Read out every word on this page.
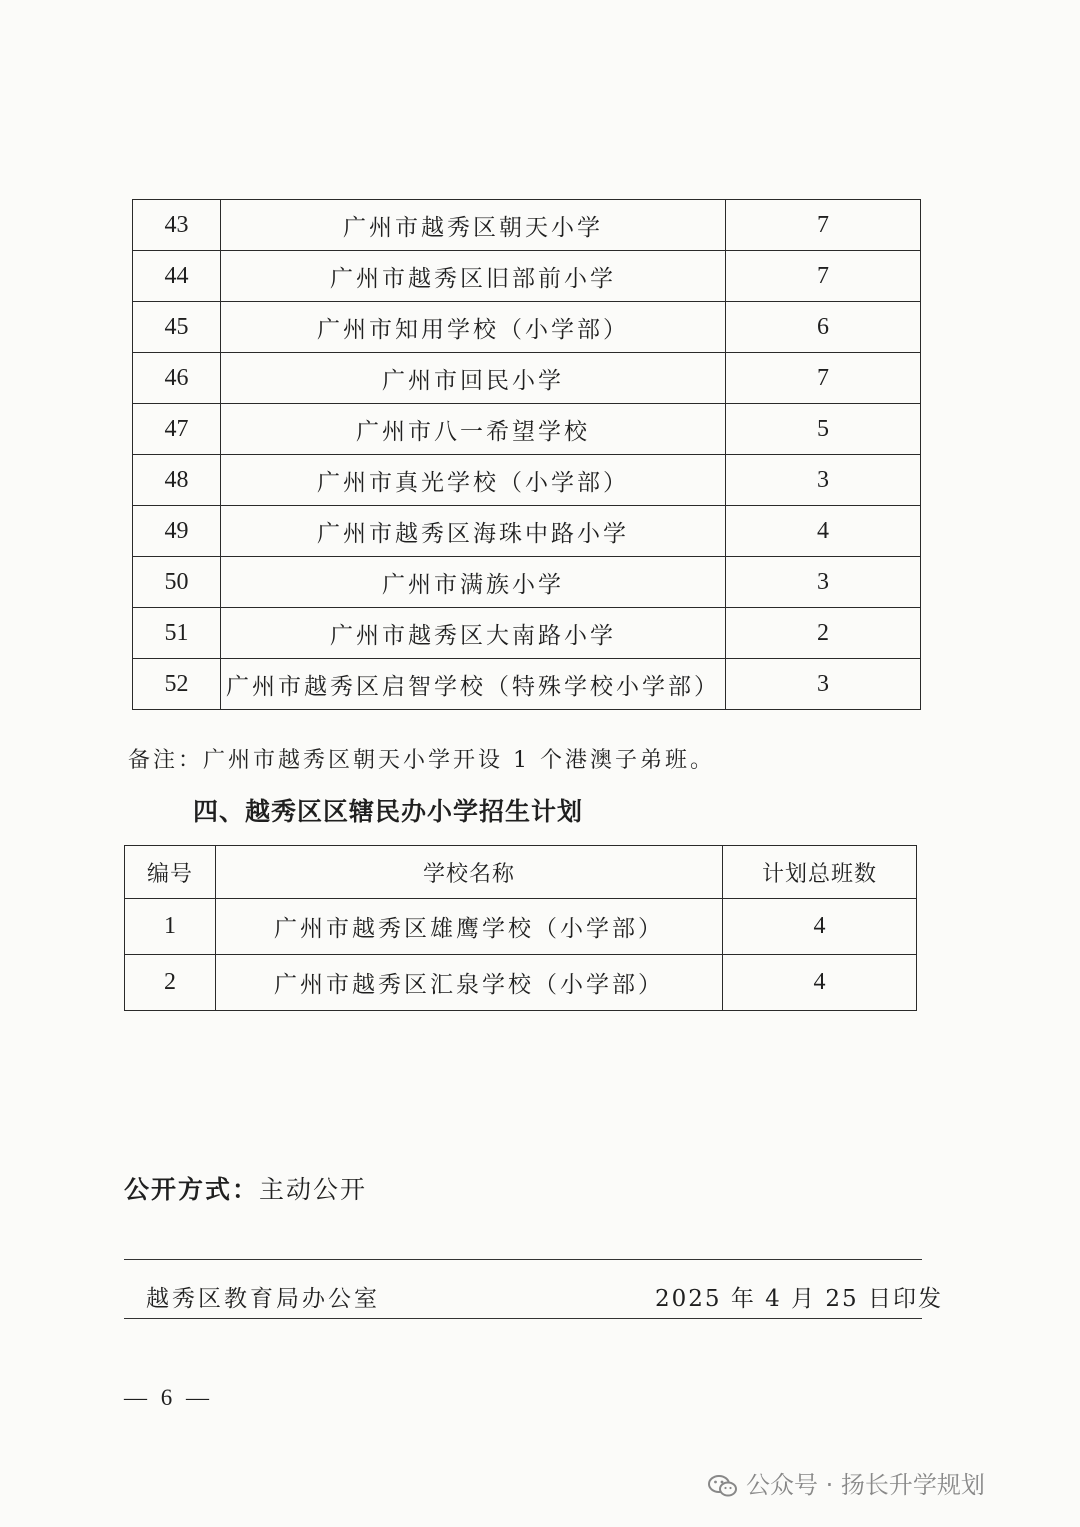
43	广州市越秀区朝天小学	7
44	广州市越秀区旧部前小学	7
45	广州市知用学校（小学部）	6
46	广州市回民小学	7
47	广州市八一希望学校	5
48	广州市真光学校（小学部）	3
49	广州市越秀区海珠中路小学	4
50	广州市满族小学	3
51	广州市越秀区大南路小学	2
52	广州市越秀区启智学校（特殊学校小学部）	3
备注：广州市越秀区朝天小学开设 1 个港澳子弟班。
四、越秀区区辖民办小学招生计划
编号	学校名称	计划总班数
1	广州市越秀区雄鹰学校（小学部）	4
2	广州市越秀区汇泉学校（小学部）	4
公开方式：主动公开
越秀区教育局办公室	2025 年 4 月 25 日印发
— 6 —
公众号 · 扬长升学规划
